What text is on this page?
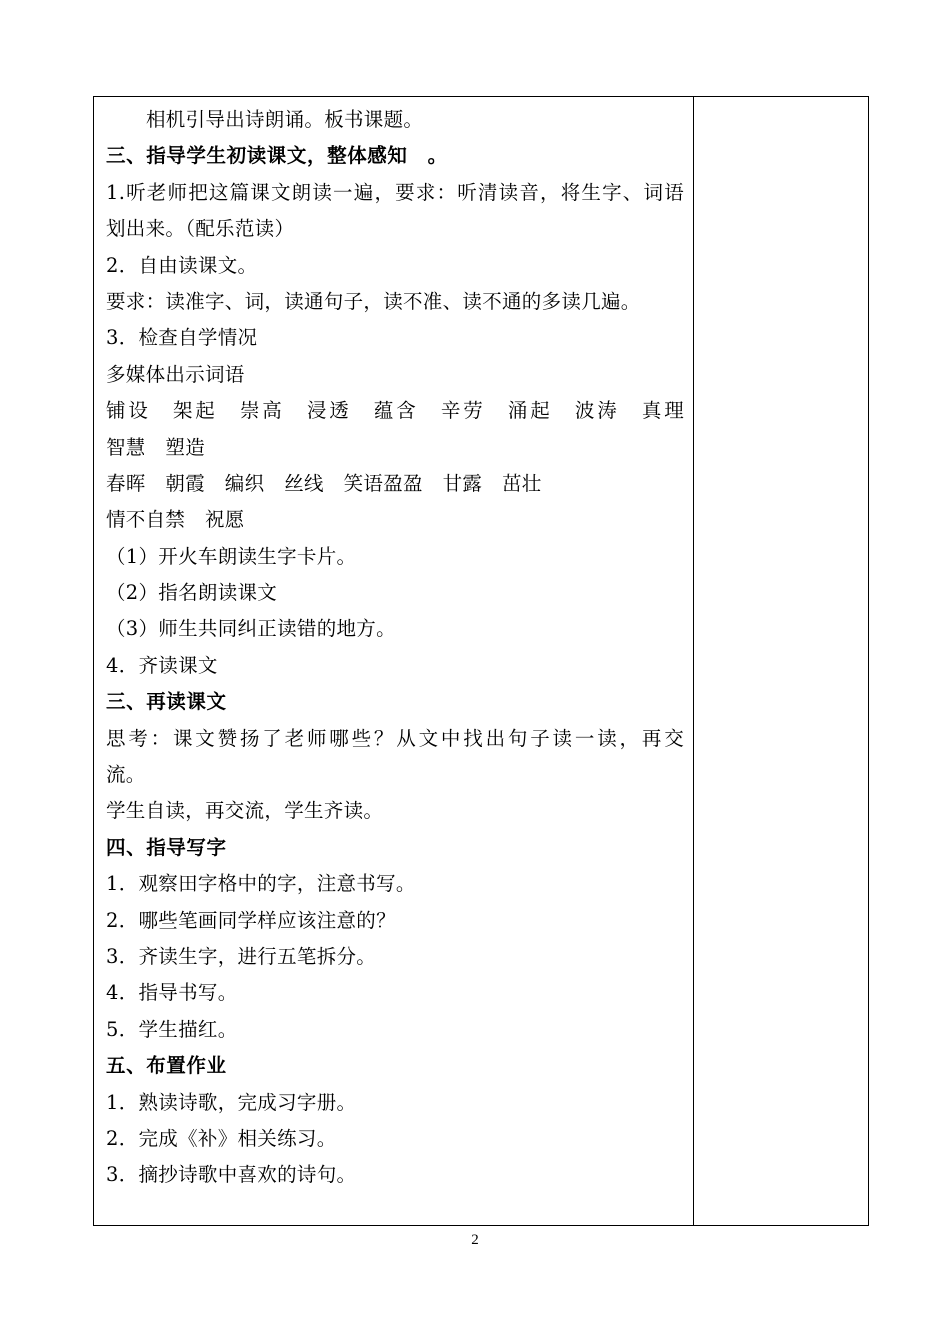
相机引导出诗朗诵。板书课题。
三、指导学生初读课文，整体感知　。
1.听老师把这篇课文朗读一遍，要求：听清读音，将生字、词语
划出来。（配乐范读）
2．自由读课文。
要求：读准字、词，读通句子，读不准、读不通的多读几遍。
3．检查自学情况
多媒体出示词语
铺设　架起　崇高　浸透　蕴含　辛劳　涌起　波涛　真理
智慧　塑造
春晖　朝霞　编织　丝线　笑语盈盈　甘露　茁壮
情不自禁　祝愿
（1）开火车朗读生字卡片。
（2）指名朗读课文
（3）师生共同纠正读错的地方。
4．齐读课文
三、再读课文
思考：课文赞扬了老师哪些？从文中找出句子读一读，再交
流。
学生自读，再交流，学生齐读。
四、指导写字
1．观察田字格中的字，注意书写。
2．哪些笔画同学样应该注意的？
3．齐读生字，进行五笔拆分。
4．指导书写。
5．学生描红。
五、布置作业
1．熟读诗歌，完成习字册。
2．完成《补》相关练习。
3．摘抄诗歌中喜欢的诗句。
2
